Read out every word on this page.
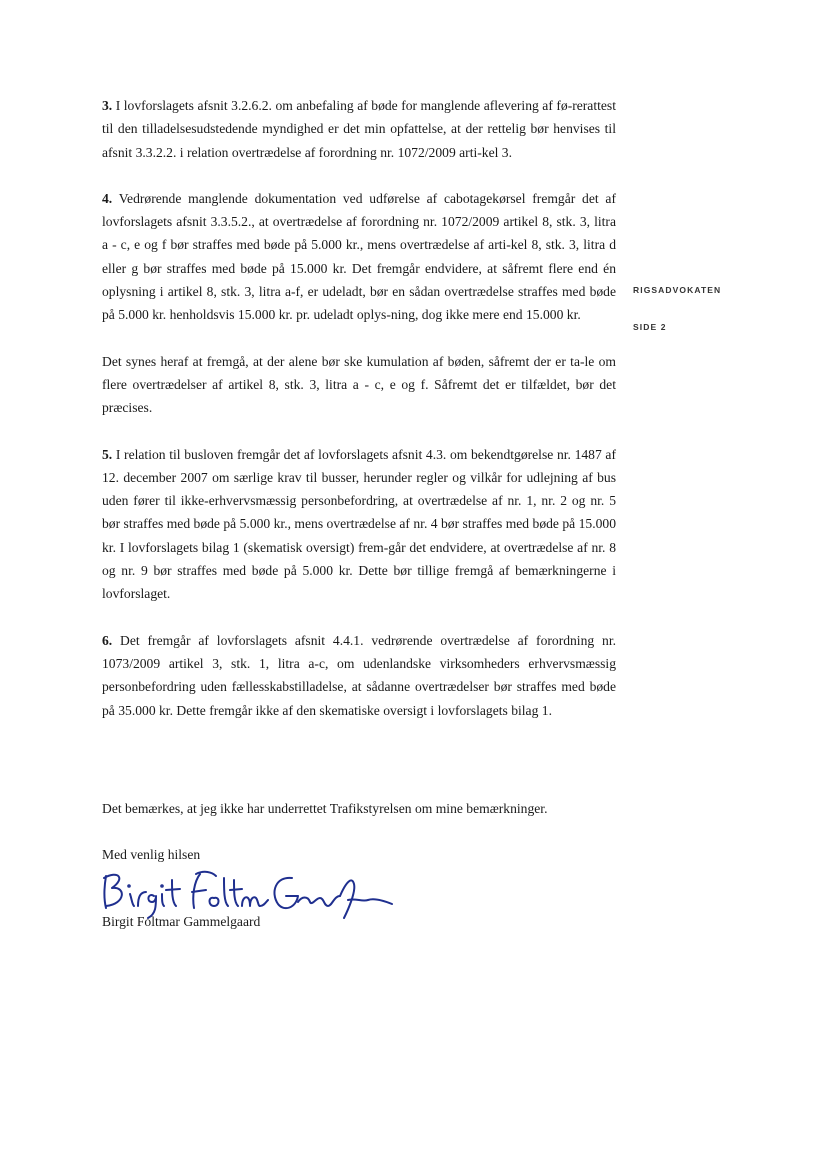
3. I lovforslagets afsnit 3.2.6.2. om anbefaling af bøde for manglende aflevering af fø-rerattest til den tilladelsesudstedende myndighed er det min opfattelse, at der rettelig bør henvises til afsnit 3.3.2.2. i relation overtrædelse af forordning nr. 1072/2009 arti-kel 3.

4. Vedrørende manglende dokumentation ved udførelse af cabotagekørsel fremgår det af lovforslagets afsnit 3.3.5.2., at overtrædelse af forordning nr. 1072/2009 artikel 8, stk. 3, litra a - c, e og f bør straffes med bøde på 5.000 kr., mens overtrædelse af arti-kel 8, stk. 3, litra d eller g bør straffes med bøde på 15.000 kr. Det fremgår endvidere, at såfremt flere end én oplysning i artikel 8, stk. 3, litra a-f, er udeladt, bør en sådan overtrædelse straffes med bøde på 5.000 kr. henholdsvis 15.000 kr. pr. udeladt oplys-ning, dog ikke mere end 15.000 kr.

Det synes heraf at fremgå, at der alene bør ske kumulation af bøden, såfremt der er ta-le om flere overtrædelser af artikel 8, stk. 3, litra a - c, e og f. Såfremt det er tilfældet, bør det præcises.

5. I relation til busloven fremgår det af lovforslagets afsnit 4.3. om bekendtgørelse nr. 1487 af 12. december 2007 om særlige krav til busser, herunder regler og vilkår for udlejning af bus uden fører til ikke-erhvervsmæssig personbefordring, at overtrædelse af nr. 1, nr. 2 og nr. 5 bør straffes med bøde på 5.000 kr., mens overtrædelse af nr. 4 bør straffes med bøde på 15.000 kr. I lovforslagets bilag 1 (skematisk oversigt) frem-går det endvidere, at overtrædelse af nr. 8 og nr. 9 bør straffes med bøde på 5.000 kr. Dette bør tillige fremgå af bemærkningerne i lovforslaget.

6. Det fremgår af lovforslagets afsnit 4.4.1. vedrørende overtrædelse af forordning nr. 1073/2009 artikel 3, stk. 1, litra a-c, om udenlandske virksomheders erhvervsmæssig personbefordring uden fællesskabstilladelse, at sådanne overtrædelser bør straffes med bøde på 35.000 kr. Dette fremgår ikke af den skematiske oversigt i lovforslagets bilag 1.

Det bemærkes, at jeg ikke har underrettet Trafikstyrelsen om mine bemærkninger.
Med venlig hilsen
Birgit Foltmar Gammelgaard
RIGSADVOKATEN
SIDE 2
